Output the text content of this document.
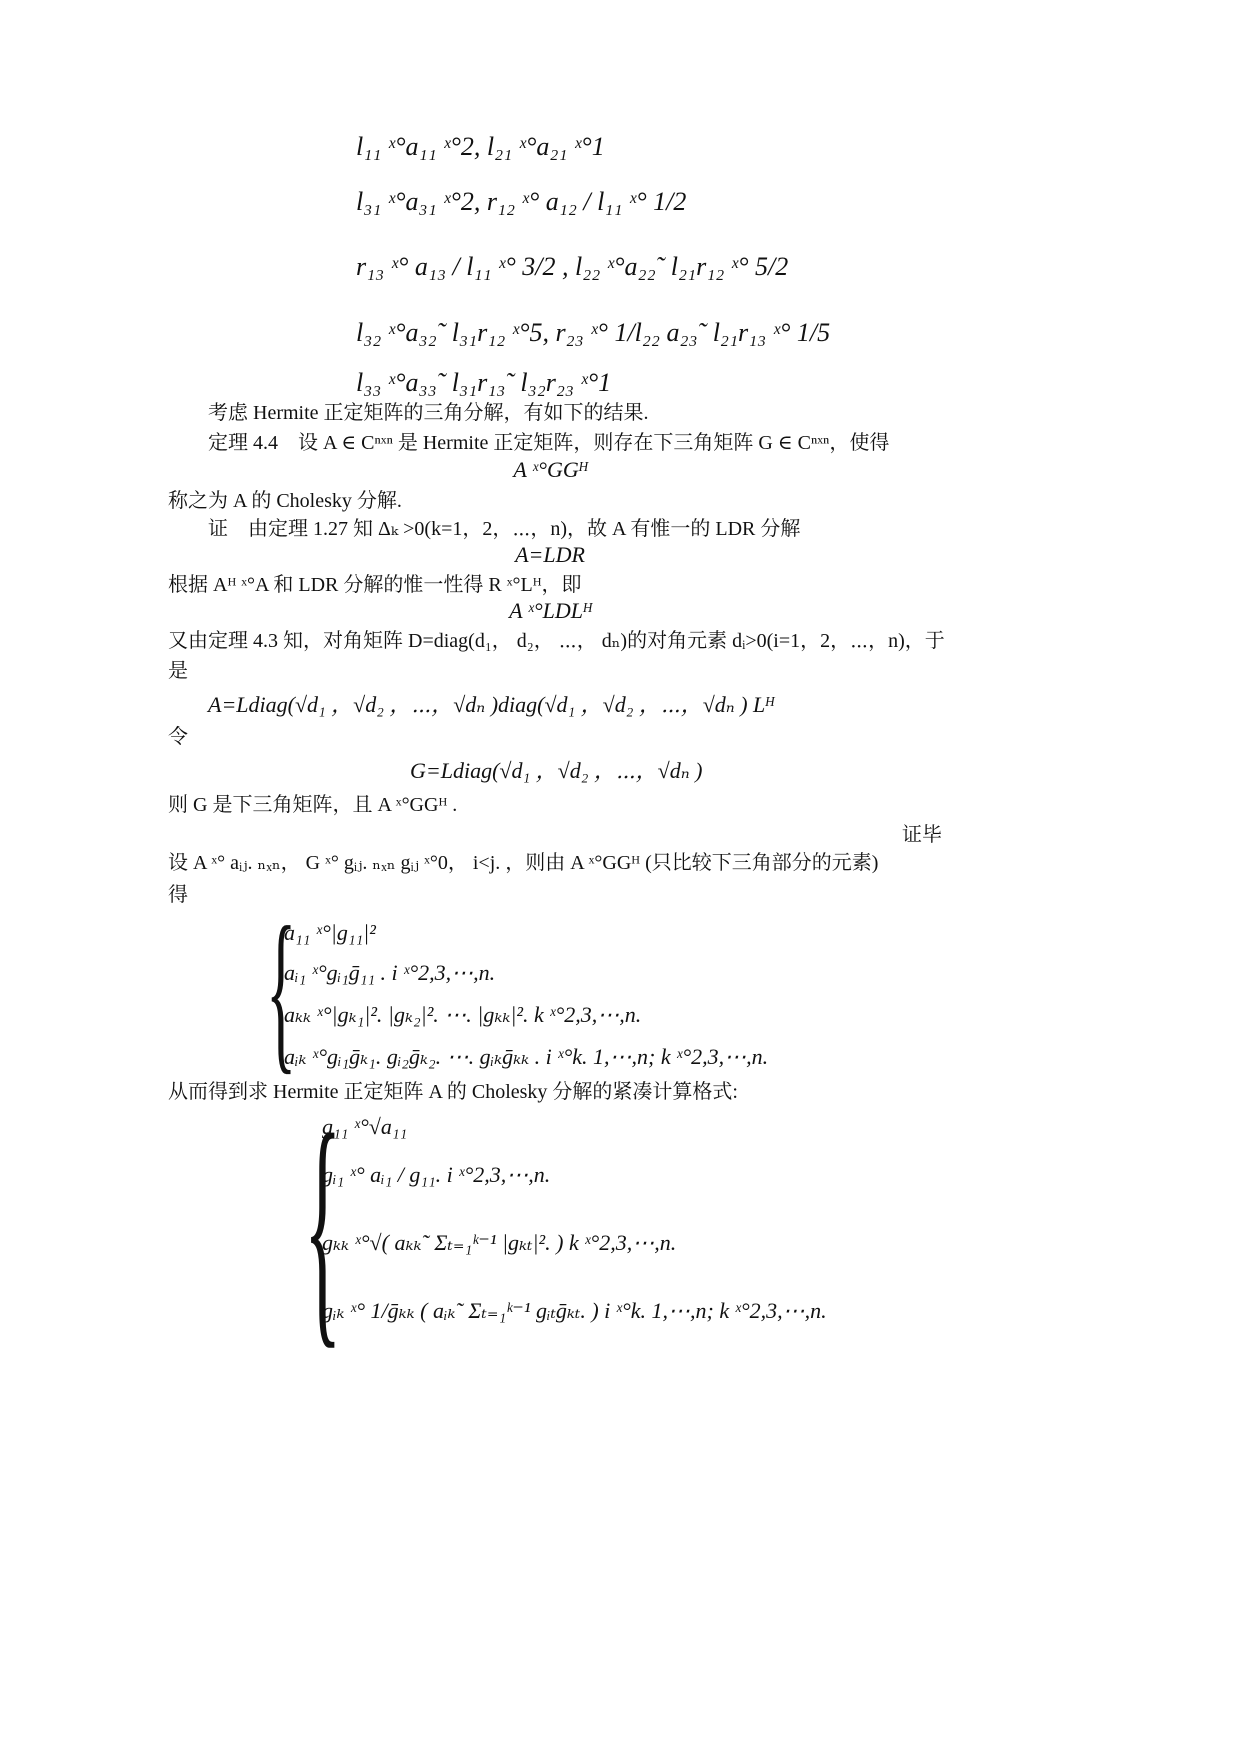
l₁₁ ˣ°a₁₁ ˣ°2, l₂₁ ˣ°a₂₁ ˣ°1
l₃₁ ˣ°a₃₁ ˣ°2, r₁₂ ˣ° a₁₂ / l₁₁ ˣ° 1/2
r₁₃ ˣ° a₁₃ / l₁₁ ˣ° 3/2 , l₂₂ ˣ°a₂₂˜ l₂₁r₁₂ ˣ° 5/2
l₃₂ ˣ°a₃₂˜ l₃₁r₁₂ ˣ°5, r₂₃ ˣ° 1/l₂₂ a₂₃˜ l₂₁r₁₃ ˣ° 1/5
l₃₃ ˣ°a₃₃˜ l₃₁r₁₃˜ l₃₂r₂₃ ˣ°1
考虑 Hermite 正定矩阵的三角分解，有如下的结果.
定理 4.4 设 A ∈ Cⁿˣⁿ 是 Hermite 正定矩阵，则存在下三角矩阵 G ∈ Cⁿˣⁿ，使得
A ˣ°GGᴴ
称之为 A 的 Cholesky 分解.
证　由定理 1.27 知 Δₖ >0(k=1，2，⋯，n)，故 A 有惟一的 LDR 分解
A=LDR
根据 Aᴴ ˣ°A 和 LDR 分解的惟一性得 R ˣ°Lᴴ，即
A ˣ°LDLᴴ
又由定理 4.3 知，对角矩阵 D=diag(d₁， d₂， ⋯， dₙ)的对角元素 dᵢ>0(i=1，2，⋯，n)，于
是
A=Ldiag(√d₁ ，√d₂ ，⋯，√dₙ )diag(√d₁ ，√d₂ ，⋯，√dₙ ) Lᴴ
令
G=Ldiag(√d₁ ，√d₂ ，⋯，√dₙ )
则 G 是下三角矩阵，且 A ˣ°GGᴴ .
证毕
设 A ˣ° aᵢⱼ. ₙₓₙ， G ˣ° gᵢⱼ. ₙₓₙ gᵢⱼ ˣ°0， i<j. ，则由 A ˣ°GGᴴ (只比较下三角部分的元素)
得 {
a₁₁ ˣ°|g₁₁|²
aᵢ₁ ˣ°gᵢ₁ḡ₁₁ . i ˣ°2,3,⋯,n.
aₖₖ ˣ°|gₖ₁|². |gₖ₂|². ⋯. |gₖₖ|². k ˣ°2,3,⋯,n.
aᵢₖ ˣ°gᵢ₁ḡₖ₁. gᵢ₂ḡₖ₂. ⋯. gᵢₖḡₖₖ . i ˣ°k. 1,⋯,n; k ˣ°2,3,⋯,n.
从而得到求 Hermite 正定矩阵 A 的 Cholesky 分解的紧凑计算格式:
{
g₁₁ ˣ°√a₁₁
gᵢ₁ ˣ° aᵢ₁ / g₁₁. i ˣ°2,3,⋯,n.
gₖₖ ˣ°√( aₖₖ˜ Σₜ₌₁ᵏ⁻¹ |gₖₜ|². ) k ˣ°2,3,⋯,n.
gᵢₖ ˣ° 1/ḡₖₖ ( aᵢₖ˜ Σₜ₌₁ᵏ⁻¹ gᵢₜḡₖₜ. ) i ˣ°k. 1,⋯,n; k ˣ°2,3,⋯,n.
